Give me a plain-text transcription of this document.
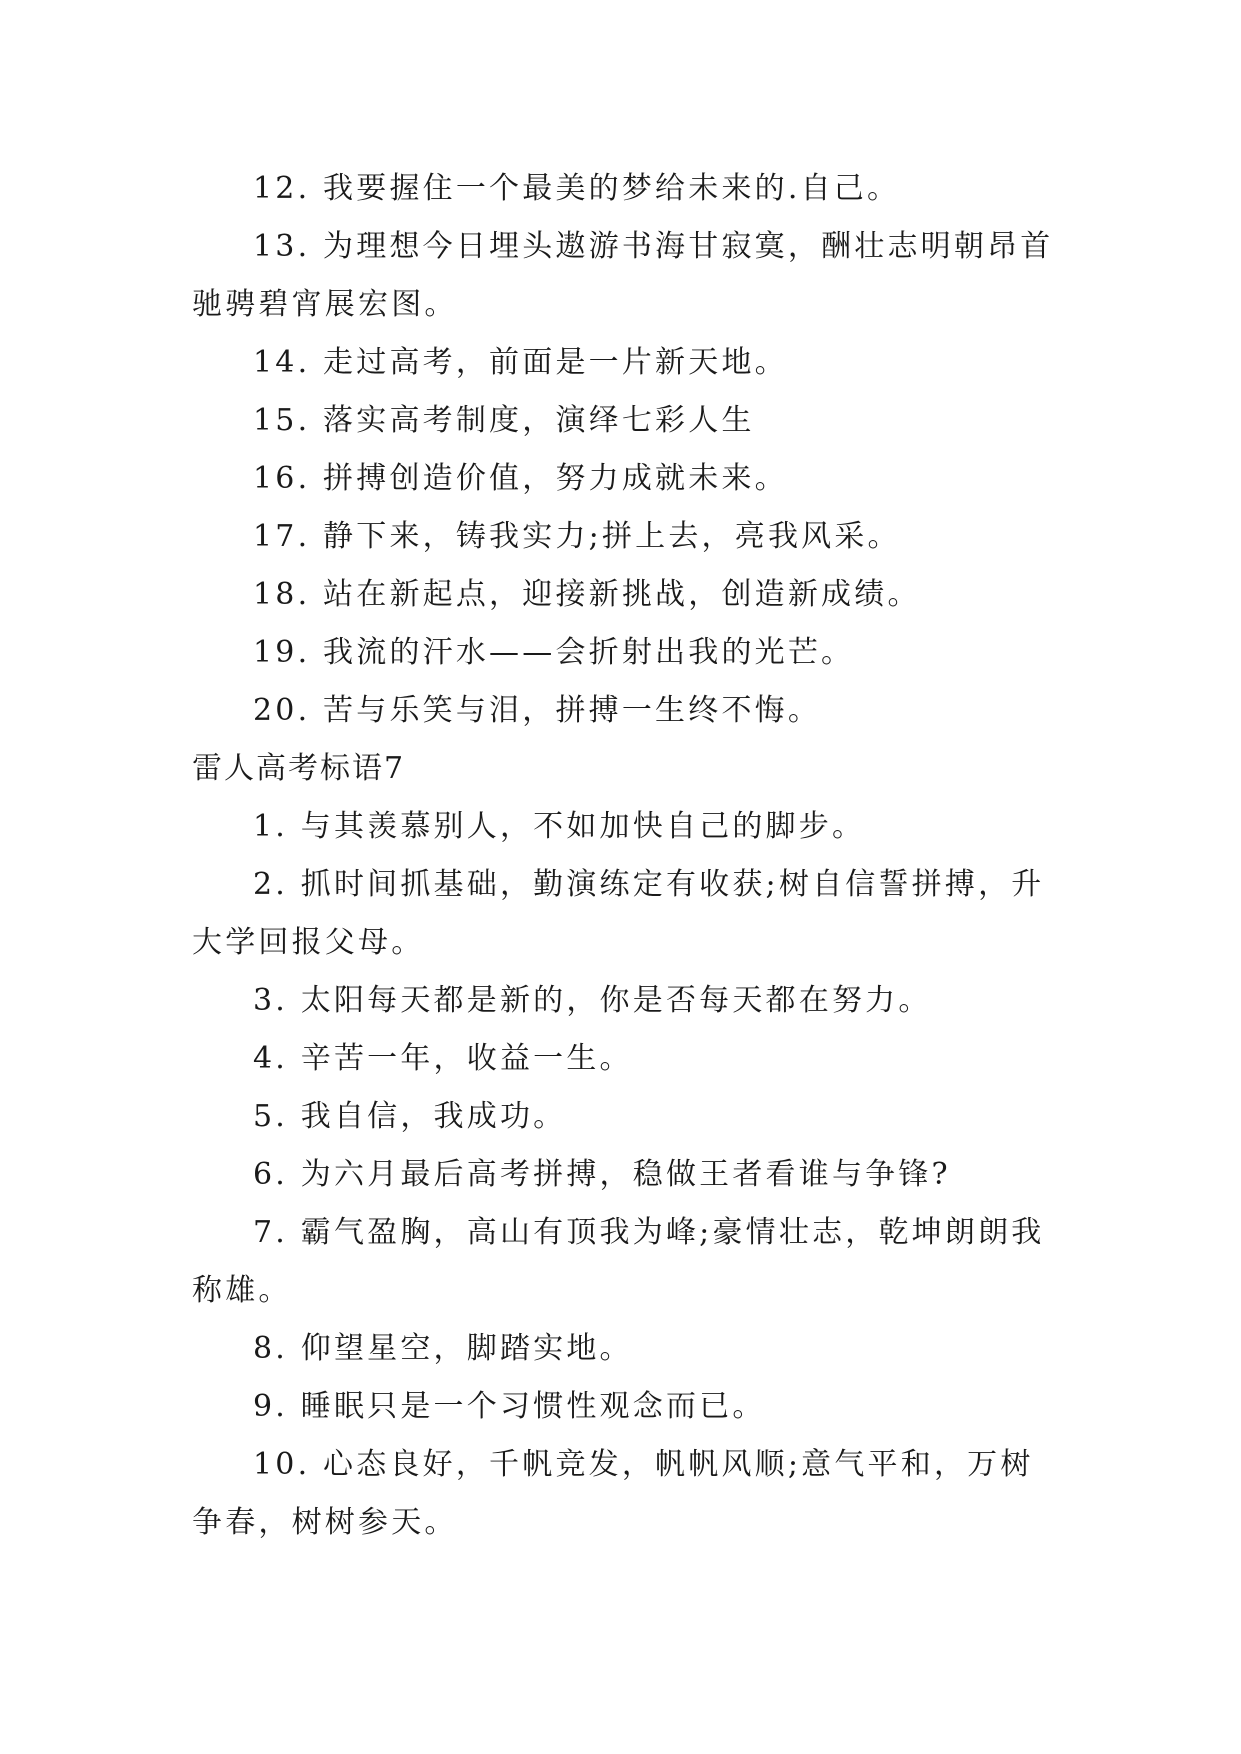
12. 我要握住一个最美的梦给未来的.自己。
13. 为理想今日埋头遨游书海甘寂寞，酬壮志明朝昂首
驰骋碧宵展宏图。
14. 走过高考，前面是一片新天地。
15. 落实高考制度，演绎七彩人生
16. 拼搏创造价值，努力成就未来。
17. 静下来，铸我实力;拼上去，亮我风采。
18. 站在新起点，迎接新挑战，创造新成绩。
19. 我流的汗水——会折射出我的光芒。
20. 苦与乐笑与泪，拼搏一生终不悔。
雷人高考标语7
1. 与其羡慕别人，不如加快自己的脚步。
2. 抓时间抓基础，勤演练定有收获;树自信誓拼搏，升
大学回报父母。
3. 太阳每天都是新的，你是否每天都在努力。
4. 辛苦一年，收益一生。
5. 我自信，我成功。
6. 为六月最后高考拼搏，稳做王者看谁与争锋?
7. 霸气盈胸，高山有顶我为峰;豪情壮志，乾坤朗朗我
称雄。
8. 仰望星空，脚踏实地。
9. 睡眠只是一个习惯性观念而已。
10. 心态良好，千帆竞发，帆帆风顺;意气平和，万树
争春，树树参天。
